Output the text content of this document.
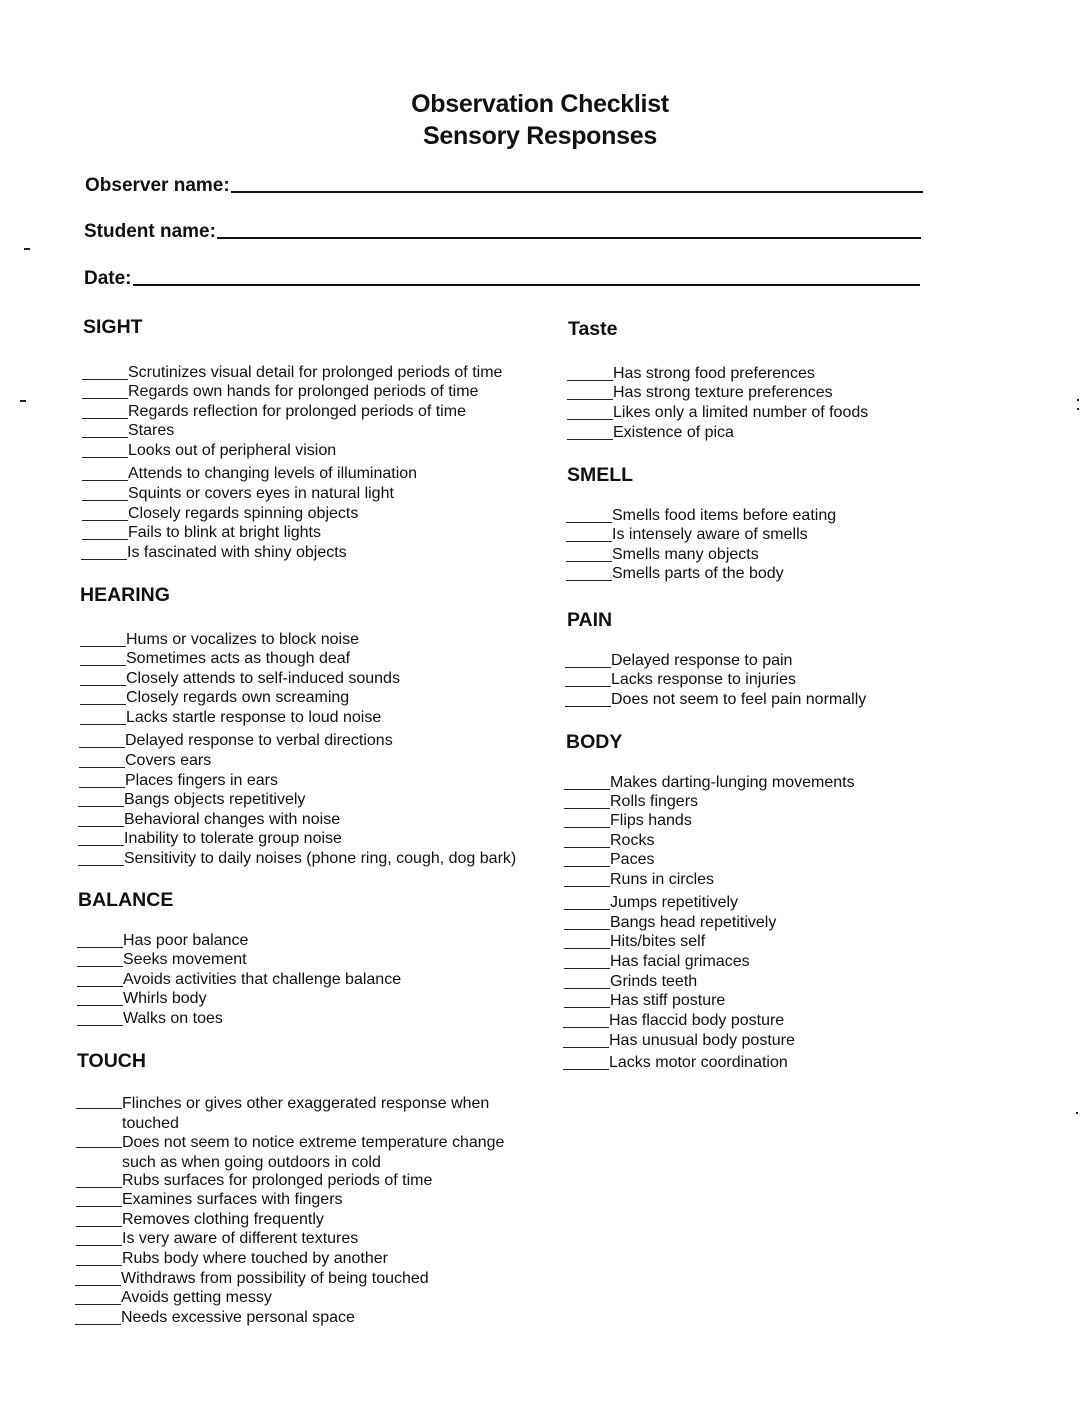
Observation Checklist
Sensory Responses
Observer name:
Student name:
Date:
SIGHT
Scrutinizes visual detail for prolonged periods of time
Regards own hands for prolonged periods of time
Regards reflection for prolonged periods of time
Stares
Looks out of peripheral vision
Attends to changing levels of illumination
Squints or covers eyes in natural light
Closely regards spinning objects
Fails to blink at bright lights
Is fascinated with shiny objects
HEARING
Hums or vocalizes to block noise
Sometimes acts as though deaf
Closely attends to self-induced sounds
Closely regards own screaming
Lacks startle response to loud noise
Delayed response to verbal directions
Covers ears
Places fingers in ears
Bangs objects repetitively
Behavioral changes with noise
Inability to tolerate group noise
Sensitivity to daily noises (phone ring, cough, dog bark)
BALANCE
Has poor balance
Seeks movement
Avoids activities that challenge balance
Whirls body
Walks on toes
TOUCH
Flinches or gives other exaggerated response when touched
Does not seem to notice extreme temperature change such as when going outdoors in cold
Rubs surfaces for prolonged periods of time
Examines surfaces with fingers
Removes clothing frequently
Is very aware of different textures
Rubs body where touched by another
Withdraws from possibility of being touched
Avoids getting messy
Needs excessive personal space
Taste
Has strong food preferences
Has strong texture preferences
Likes only a limited number of foods
Existence of pica
SMELL
Smells food items before eating
Is intensely aware of smells
Smells many objects
Smells parts of the body
PAIN
Delayed response to pain
Lacks response to injuries
Does not seem to feel pain normally
BODY
Makes darting-lunging movements
Rolls fingers
Flips hands
Rocks
Paces
Runs in circles
Jumps repetitively
Bangs head repetitively
Hits/bites self
Has facial grimaces
Grinds teeth
Has stiff posture
Has flaccid body posture
Has unusual body posture
Lacks motor coordination
